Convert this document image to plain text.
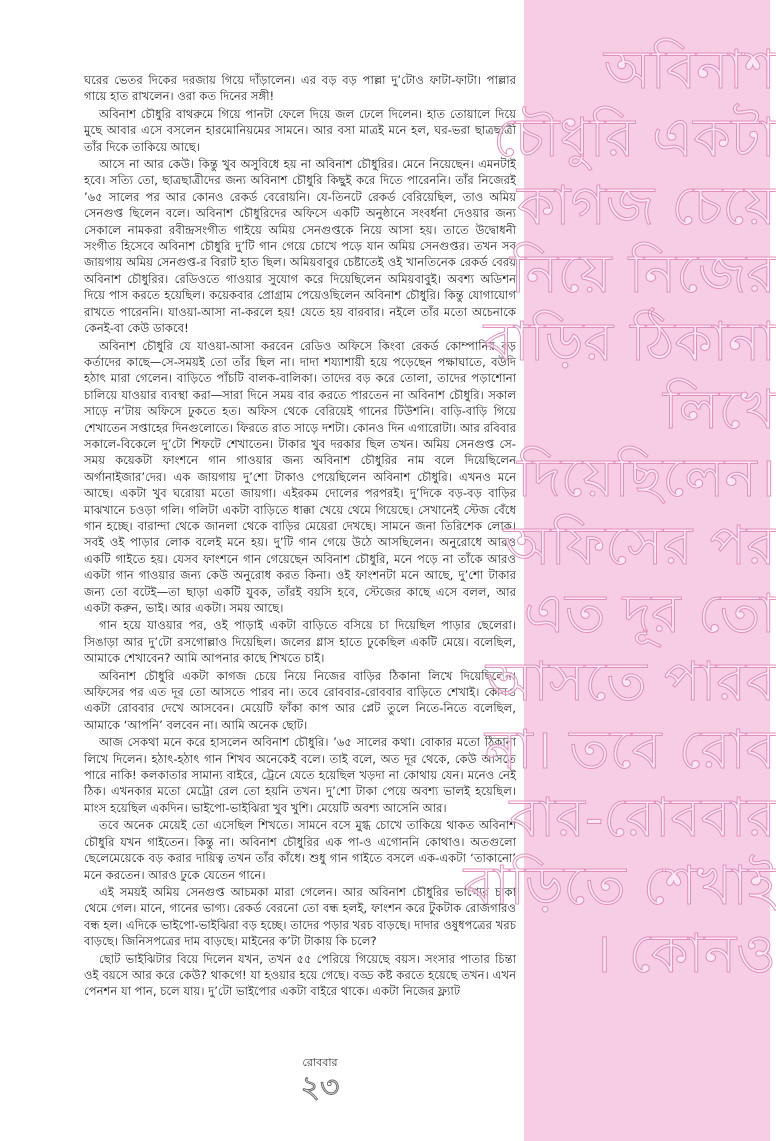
ঘরের ভেতর দিকের দরজায় গিয়ে দাঁড়ালেন। এর বড় বড় পাল্লা দু’টোও ফাটা-ফাটা। পাল্লার গায়ে হাত রাখলেন। ওরা কত দিনের সঙ্গী!

অবিনাশ চৌধুরি বাথরুমে গিয়ে পানটা ফেলে দিয়ে জল ঢেলে দিলেন। হাত তোয়ালে দিয়ে মুছে আবার এসে বসলেন হারমোনিয়মের সামনে। আর বসা মাত্রই মনে হল, ঘর-ভরা ছাত্রছাত্রী তাঁর দিকে তাকিয়ে আছে।

আসে না আর কেউ। কিন্তু খুব অসুবিধে হয় না অবিনাশ চৌধুরির। মেনে নিয়েছেন। এমনটাই হবে। সত্যি তো, ছাত্রছাত্রীদের জন্য অবিনাশ চৌধুরি কিছুই করে দিতে পারেননি। তাঁর নিজেরই ’৬৫ সালের পর আর কোনও রেকর্ড বেরোয়নি। যে-তিনটে রেকর্ড বেরিয়েছিল, তাও অমিয় সেনগুপ্ত ছিলেন বলে। অবিনাশ চৌধুরিদের অফিসে একটি অনুষ্ঠানে সংবর্ধনা দেওয়ার জন্য সেকালে নামকরা রবীন্দ্রসংগীত গাইয়ে অমিয় সেনগুপ্তকে নিয়ে আসা হয়। তাতে উদ্বোধনী সংগীত হিসেবে অবিনাশ চৌধুরি দু’টি গান গেয়ে চোখে পড়ে যান অমিয় সেনগুপ্তর। তখন সব জায়গায় অমিয় সেনগুপ্ত-র বিরাট হাত ছিল। অমিয়বাবুর চেষ্টাতেই ওই খানতিনেক রেকর্ড বেরয় অবিনাশ চৌধুরির। রেডিওতে গাওয়ার সুযোগ করে দিয়েছিলেন অমিয়বাবুই। অবশ্য অডিশন দিয়ে পাস করতে হয়েছিল। কয়েকবার প্রোগ্রাম পেয়েওছিলেন অবিনাশ চৌধুরি। কিন্তু যোগাযোগ রাখতে পারেননি। যাওয়া-আসা না-করলে হয়! যেতে হয় বারবার। নইলে তাঁর মতো অচেনাকে কেনই-বা কেউ ডাকবে!

অবিনাশ চৌধুরি যে যাওয়া-আসা করবেন রেডিও অফিসে কিংবা রেকর্ড কোম্পানির বড় কর্তাদের কাছে—সে-সময়ই তো তাঁর ছিল না। দাদা শয্যাশায়ী হয়ে পড়েছেন পক্ষাঘাতে, বউদি হঠাৎ মারা গেলেন। বাড়িতে পাঁচটি বালক-বালিকা। তাদের বড় করে তোলা, তাদের পড়াশোনা চালিয়ে যাওয়ার ব্যবস্থা করা—সারা দিনে সময় বার করতে পারতেন না অবিনাশ চৌধুরি। সকাল সাড়ে ন’টায় অফিসে ঢুকতে হত। অফিস থেকে বেরিয়েই গানের টিউশনি। বাড়ি-বাড়ি গিয়ে শেখাতেন সপ্তাহের দিনগুলোতে। ফিরতে রাত সাড়ে দশটা। কোনও দিন এগারোটা। আর রবিবার সকালে-বিকেলে দু’টো শিফটে শেখাতেন। টাকার খুব দরকার ছিল তখন। অমিয় সেনগুপ্ত সে-সময় কয়েকটা ফাংশনে গান গাওয়ার জন্য অবিনাশ চৌধুরির নাম বলে দিয়েছিলেন অর্গানাইজার’দের। এক জায়গায় দু’শো টাকাও পেয়েছিলেন অবিনাশ চৌধুরি। এখনও মনে আছে। একটা খুব ঘরোয়া মতো জায়গা। এইরকম দোলের পরপরই। দু’দিকে বড়-বড় বাড়ির মাঝখানে চওড়া গলি। গলিটা একটা বাড়িতে ধাক্কা খেয়ে থেমে গিয়েছে। সেখানেই স্টেজ বেঁধে গান হচ্ছে। বারান্দা থেকে জানলা থেকে বাড়ির মেয়েরা দেখছে। সামনে জনা তিরিশেক লোক। সবই ওই পাড়ার লোক বলেই মনে হয়। দু’টি গান গেয়ে উঠে আসছিলেন। অনুরোধে আরও একটি গাইতে হয়। যেসব ফাংশনে গান গেয়েছেন অবিনাশ চৌধুরি, মনে পড়ে না তাঁকে আরও একটা গান গাওয়ার জন্য কেউ অনুরোধ করত কিনা। ওই ফাংশনটা মনে আছে, দু’শো টাকার জন্য তো বটেই—তা ছাড়া একটি যুবক, তাঁরই বয়সি হবে, স্টেজের কাছে এসে বলল, আর একটা করুন, ভাই। আর একটা। সময় আছে।

গান হয়ে যাওয়ার পর, ওই পাড়াই একটা বাড়িতে বসিয়ে চা দিয়েছিল পাড়ার ছেলেরা। সিঙাড়া আর দু’টো রসগোল্লাও দিয়েছিল। জলের গ্লাস হাতে ঢুকেছিল একটি মেয়ে। বলেছিল, আমাকে শেখাবেন? আমি আপনার কাছে শিখতে চাই।

অবিনাশ চৌধুরি একটা কাগজ চেয়ে নিয়ে নিজের বাড়ির ঠিকানা লিখে দিয়েছিলেন। অফিসের পর এত দূর তো আসতে পারব না। তবে রোববার-রোববার বাড়িতে শেখাই। কোনও একটা রোববার দেখে আসবেন। মেয়েটি ফাঁকা কাপ আর প্লেট তুলে নিতে-নিতে বলেছিল, আমাকে ‘আপনি’ বলবেন না। আমি অনেক ছোট।

আজ সেকথা মনে করে হাসলেন অবিনাশ চৌধুরি। ’৬৫ সালের কথা। বোকার মতো ঠিকানা লিখে দিলেন। হঠাৎ-হঠাৎ গান শিখব অনেকেই বলে। তাই বলে, অত দূর থেকে, কেউ আসতে পারে নাকি! কলকাতার সামান্য বাইরে, ট্রেনে যেতে হয়েছিল খড়দা না কোথায় যেন। মনেও নেই ঠিক। এখনকার মতো মেট্রো রেল তো হয়নি তখন। দু’শো টাকা পেয়ে অবশ্য ভালই হয়েছিল। মাংস হয়েছিল একদিন। ভাইপো-ভাইঝিরা খুব খুশি। মেয়েটি অবশ্য আসেনি আর।

তবে অনেক মেয়েই তো এসেছিল শিখতে। সামনে বসে মুগ্ধ চোখে তাকিয়ে থাকত অবিনাশ চৌধুরি যখন গাইতেন। কিন্তু না। অবিনাশ চৌধুরির এক পা-ও এগোননি কোথাও। অতগুলো ছেলেমেয়েকে বড় করার দায়িত্ব তখন তাঁর কাঁধে। শুধু গান গাইতে বসলে এক-একটা ‘তাকানো’ মনে করতেন। আরও ঢুকে যেতেন গানে।

এই সময়ই অমিয় সেনগুপ্ত আচমকা মারা গেলেন। আর অবিনাশ চৌধুরির ভাগ্যের চাকা থেমে গেল। মানে, গানের ভাগ্য। রেকর্ড বেরনো তো বন্ধ হলই, ফাংশন করে টুকটাক রোজগারও বন্ধ হল। এদিকে ভাইপো-ভাইঝিরা বড় হচ্ছে। তাদের পড়ার খরচ বাড়ছে। দাদার ওষুধপত্রের খরচ বাড়ছে। জিনিসপত্রের দাম বাড়ছে। মাইনের ক’টা টাকায় কি চলে?

ছোট ভাইঝিটার বিয়ে দিলেন যখন, তখন ৫৫ পেরিয়ে গিয়েছে বয়স। সংসার পাতার চিন্তা ওই বয়সে আর করে কেউ? থাকগে! যা হওয়ার হয়ে গেছে। বড্ড কষ্ট করতে হয়েছে তখন। এখন পেনশন যা পান, চলে যায়। দু’টো ভাইপোর একটা বাইরে থাকে। একটা নিজের ফ্ল্যাট

রোববার
২৩
অবিনাশ চৌধুরি একটা কাগজ চেয়ে নিয়ে নিজের বাড়ির ঠিকানা লিখে দিয়েছিলেন। অফিসের পর এত দূর তো আসতে পারব না। তবে রোববার-রোববার বাড়িতে শেখাই। কোনও
